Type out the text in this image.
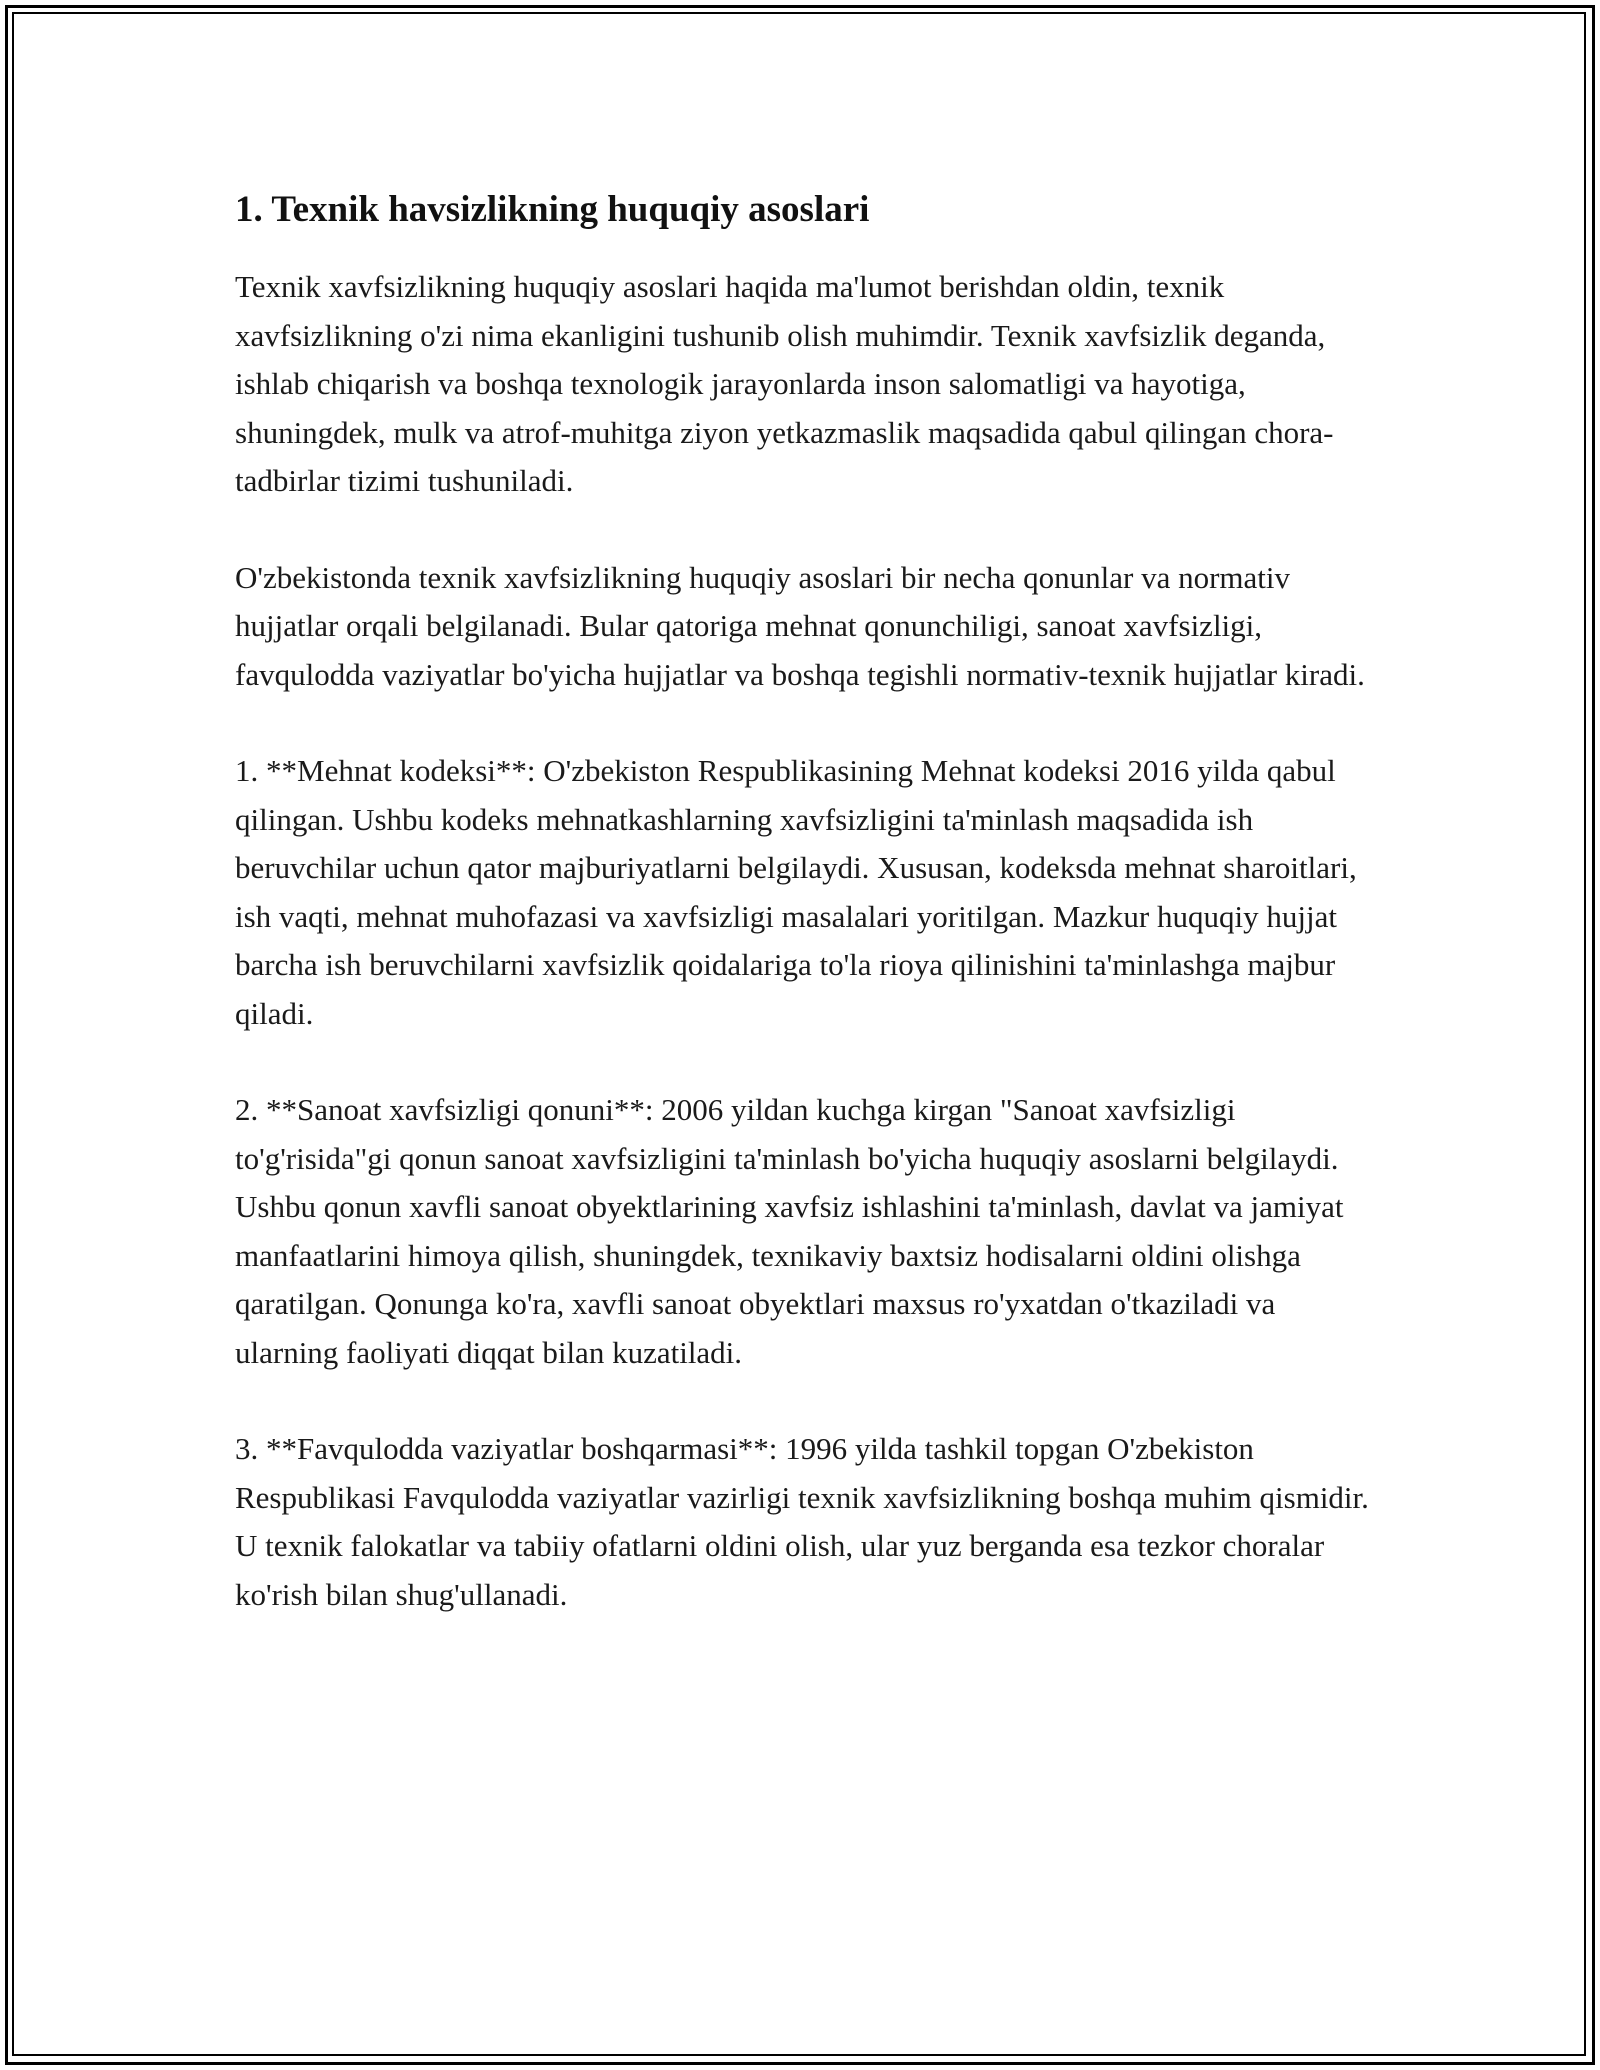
1. Texnik havsizlikning huquqiy asoslari

Texnik xavfsizlikning huquqiy asoslari haqida ma'lumot berishdan oldin, texnik xavfsizlikning o'zi nima ekanligini tushunib olish muhimdir. Texnik xavfsizlik deganda, ishlab chiqarish va boshqa texnologik jarayonlarda inson salomatligi va hayotiga, shuningdek, mulk va atrof-muhitga ziyon yetkazmaslik maqsadida qabul qilingan chora-tadbirlar tizimi tushuniladi.

O'zbekistonda texnik xavfsizlikning huquqiy asoslari bir necha qonunlar va normativ hujjatlar orqali belgilanadi. Bular qatoriga mehnat qonunchiligi, sanoat xavfsizligi, favqulodda vaziyatlar bo'yicha hujjatlar va boshqa tegishli normativ-texnik hujjatlar kiradi.

1. **Mehnat kodeksi**: O'zbekiston Respublikasining Mehnat kodeksi 2016 yilda qabul qilingan. Ushbu kodeks mehnatkashlarning xavfsizligini ta'minlash maqsadida ish beruvchilar uchun qator majburiyatlarni belgilaydi. Xususan, kodeksda mehnat sharoitlari, ish vaqti, mehnat muhofazasi va xavfsizligi masalalari yoritilgan. Mazkur huquqiy hujjat barcha ish beruvchilarni xavfsizlik qoidalariga to'la rioya qilinishini ta'minlashga majbur qiladi.

2. **Sanoat xavfsizligi qonuni**: 2006 yildan kuchga kirgan "Sanoat xavfsizligi to'g'risida"gi qonun sanoat xavfsizligini ta'minlash bo'yicha huquqiy asoslarni belgilaydi. Ushbu qonun xavfli sanoat obyektlarining xavfsiz ishlashini ta'minlash, davlat va jamiyat manfaatlarini himoya qilish, shuningdek, texnikaviy baxtsiz hodisalarni oldini olishga qaratilgan. Qonunga ko'ra, xavfli sanoat obyektlari maxsus ro'yxatdan o'tkaziladi va ularning faoliyati diqqat bilan kuzatiladi.

3. **Favqulodda vaziyatlar boshqarmasi**: 1996 yilda tashkil topgan O'zbekiston Respublikasi Favqulodda vaziyatlar vazirligi texnik xavfsizlikning boshqa muhim qismidir. U texnik falokatlar va tabiiy ofatlarni oldini olish, ular yuz berganda esa tezkor choralar ko'rish bilan shug'ullanadi.
